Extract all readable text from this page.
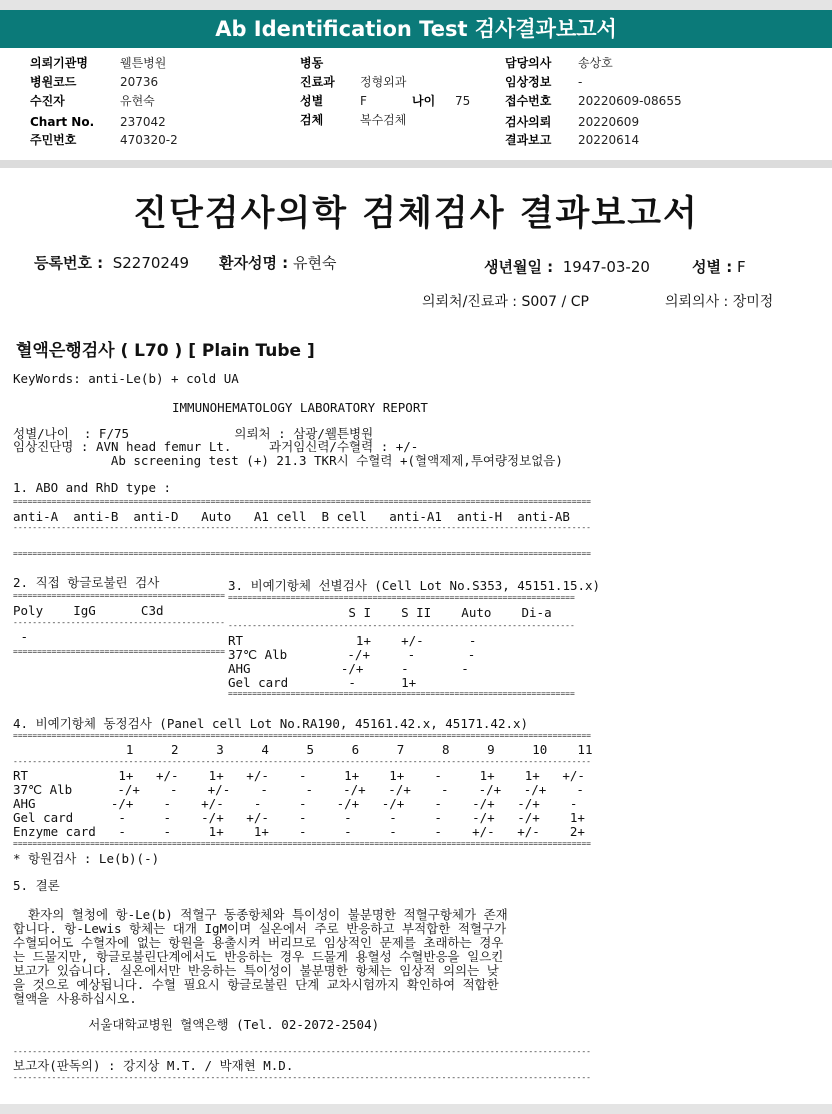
Ab Identification Test 검사결과보고서
의뢰기관명	웰튼병원
병원코드	20736
수진자	유현숙
Chart No. 237042
주민번호	470320-2
병동
진료과 정형외과
성별	F	나이 75
검체	복수검체
담당의사 송상호
임상정보 -
접수번호 20220609-08655
검사의뢰 20220609
결과보고 20220614
진단검사의학 검체검사 결과보고서
등록번호 : S2270249 환자성명 : 유현숙	생년월일 : 1947-03-20	성별 : F
의뢰처/진료과 : S007 / CP	의뢰의사 : 장미정
혈액은행검사 ( L70 ) [ Plain Tube ]
KeyWords: anti-Le(b) + cold UA
IMMUNOHEMATOLOGY LABORATORY REPORT
성별/나이  : F/75              의뢰처 : 삼광/웰튼병원
임상진단명 : AVN head femur Lt.     과거임신력/수혈력 : +/-
Ab screening test (+) 21.3 TKR시 수혈력 +(혈액제제,투여량정보없음)
1. ABO and RhD type :
========================================================================================================================
anti-A  anti-B  anti-D   Auto   A1 cell  B cell   anti-A1  anti-H  anti-AB
------------------------------------------------------------------------------------------------------------------------
========================================================================================================================
2. 직접 항글로불린 검사
============================================
Poly    IgG      C3d
--------------------------------------------
-
============================================
3. 비예기항체 선별검사 (Cell Lot No.S353, 45151.15.x)
========================================================================
S I    S II    Auto    Di-a
------------------------------------------------------------------------
RT               1+    +/-      -
37℃ Alb        -/+     -       -
AHG            -/+     -       -
Gel card        -      1+
========================================================================
4. 비예기항체 동정검사 (Panel cell Lot No.RA190, 45161.42.x, 45171.42.x)
========================================================================================================================
1     2     3     4     5     6     7     8     9     10    11
------------------------------------------------------------------------------------------------------------------------
RT            1+   +/-    1+   +/-    -     1+    1+    -     1+    1+   +/-
37℃ Alb      -/+    -    +/-    -     -    -/+   -/+    -    -/+   -/+    -
AHG          -/+    -    +/-    -     -    -/+   -/+    -    -/+   -/+    -
Gel card      -     -    -/+   +/-    -     -     -     -    -/+   -/+    1+
Enzyme card   -     -     1+    1+    -     -     -     -    +/-   +/-    2+
========================================================================================================================
* 항원검사 : Le(b)(-)
5. 결론
환자의 혈청에 항-Le(b) 적혈구 동종항체와 특이성이 불분명한 적혈구항체가 존재
합니다. 항-Lewis 항체는 대개 IgM이며 실온에서 주로 반응하고 부적합한 적혈구가
수혈되어도 수혈자에 없는 항원을 용출시켜 버리므로 임상적인 문제를 초래하는 경우
는 드물지만, 항글로불린단계에서도 반응하는 경우 드물게 용혈성 수혈반응을 일으킨
보고가 있습니다. 실온에서만 반응하는 특이성이 불분명한 항체는 임상적 의의는 낮
을 것으로 예상됩니다. 수혈 필요시 항글로불린 단계 교차시험까지 확인하여 적합한
혈액을 사용하십시오.
서울대학교병원 혈액은행 (Tel. 02-2072-2504)
------------------------------------------------------------------------------------------------------------------------
보고자(판독의) : 강지상 M.T. / 박재현 M.D.
------------------------------------------------------------------------------------------------------------------------
